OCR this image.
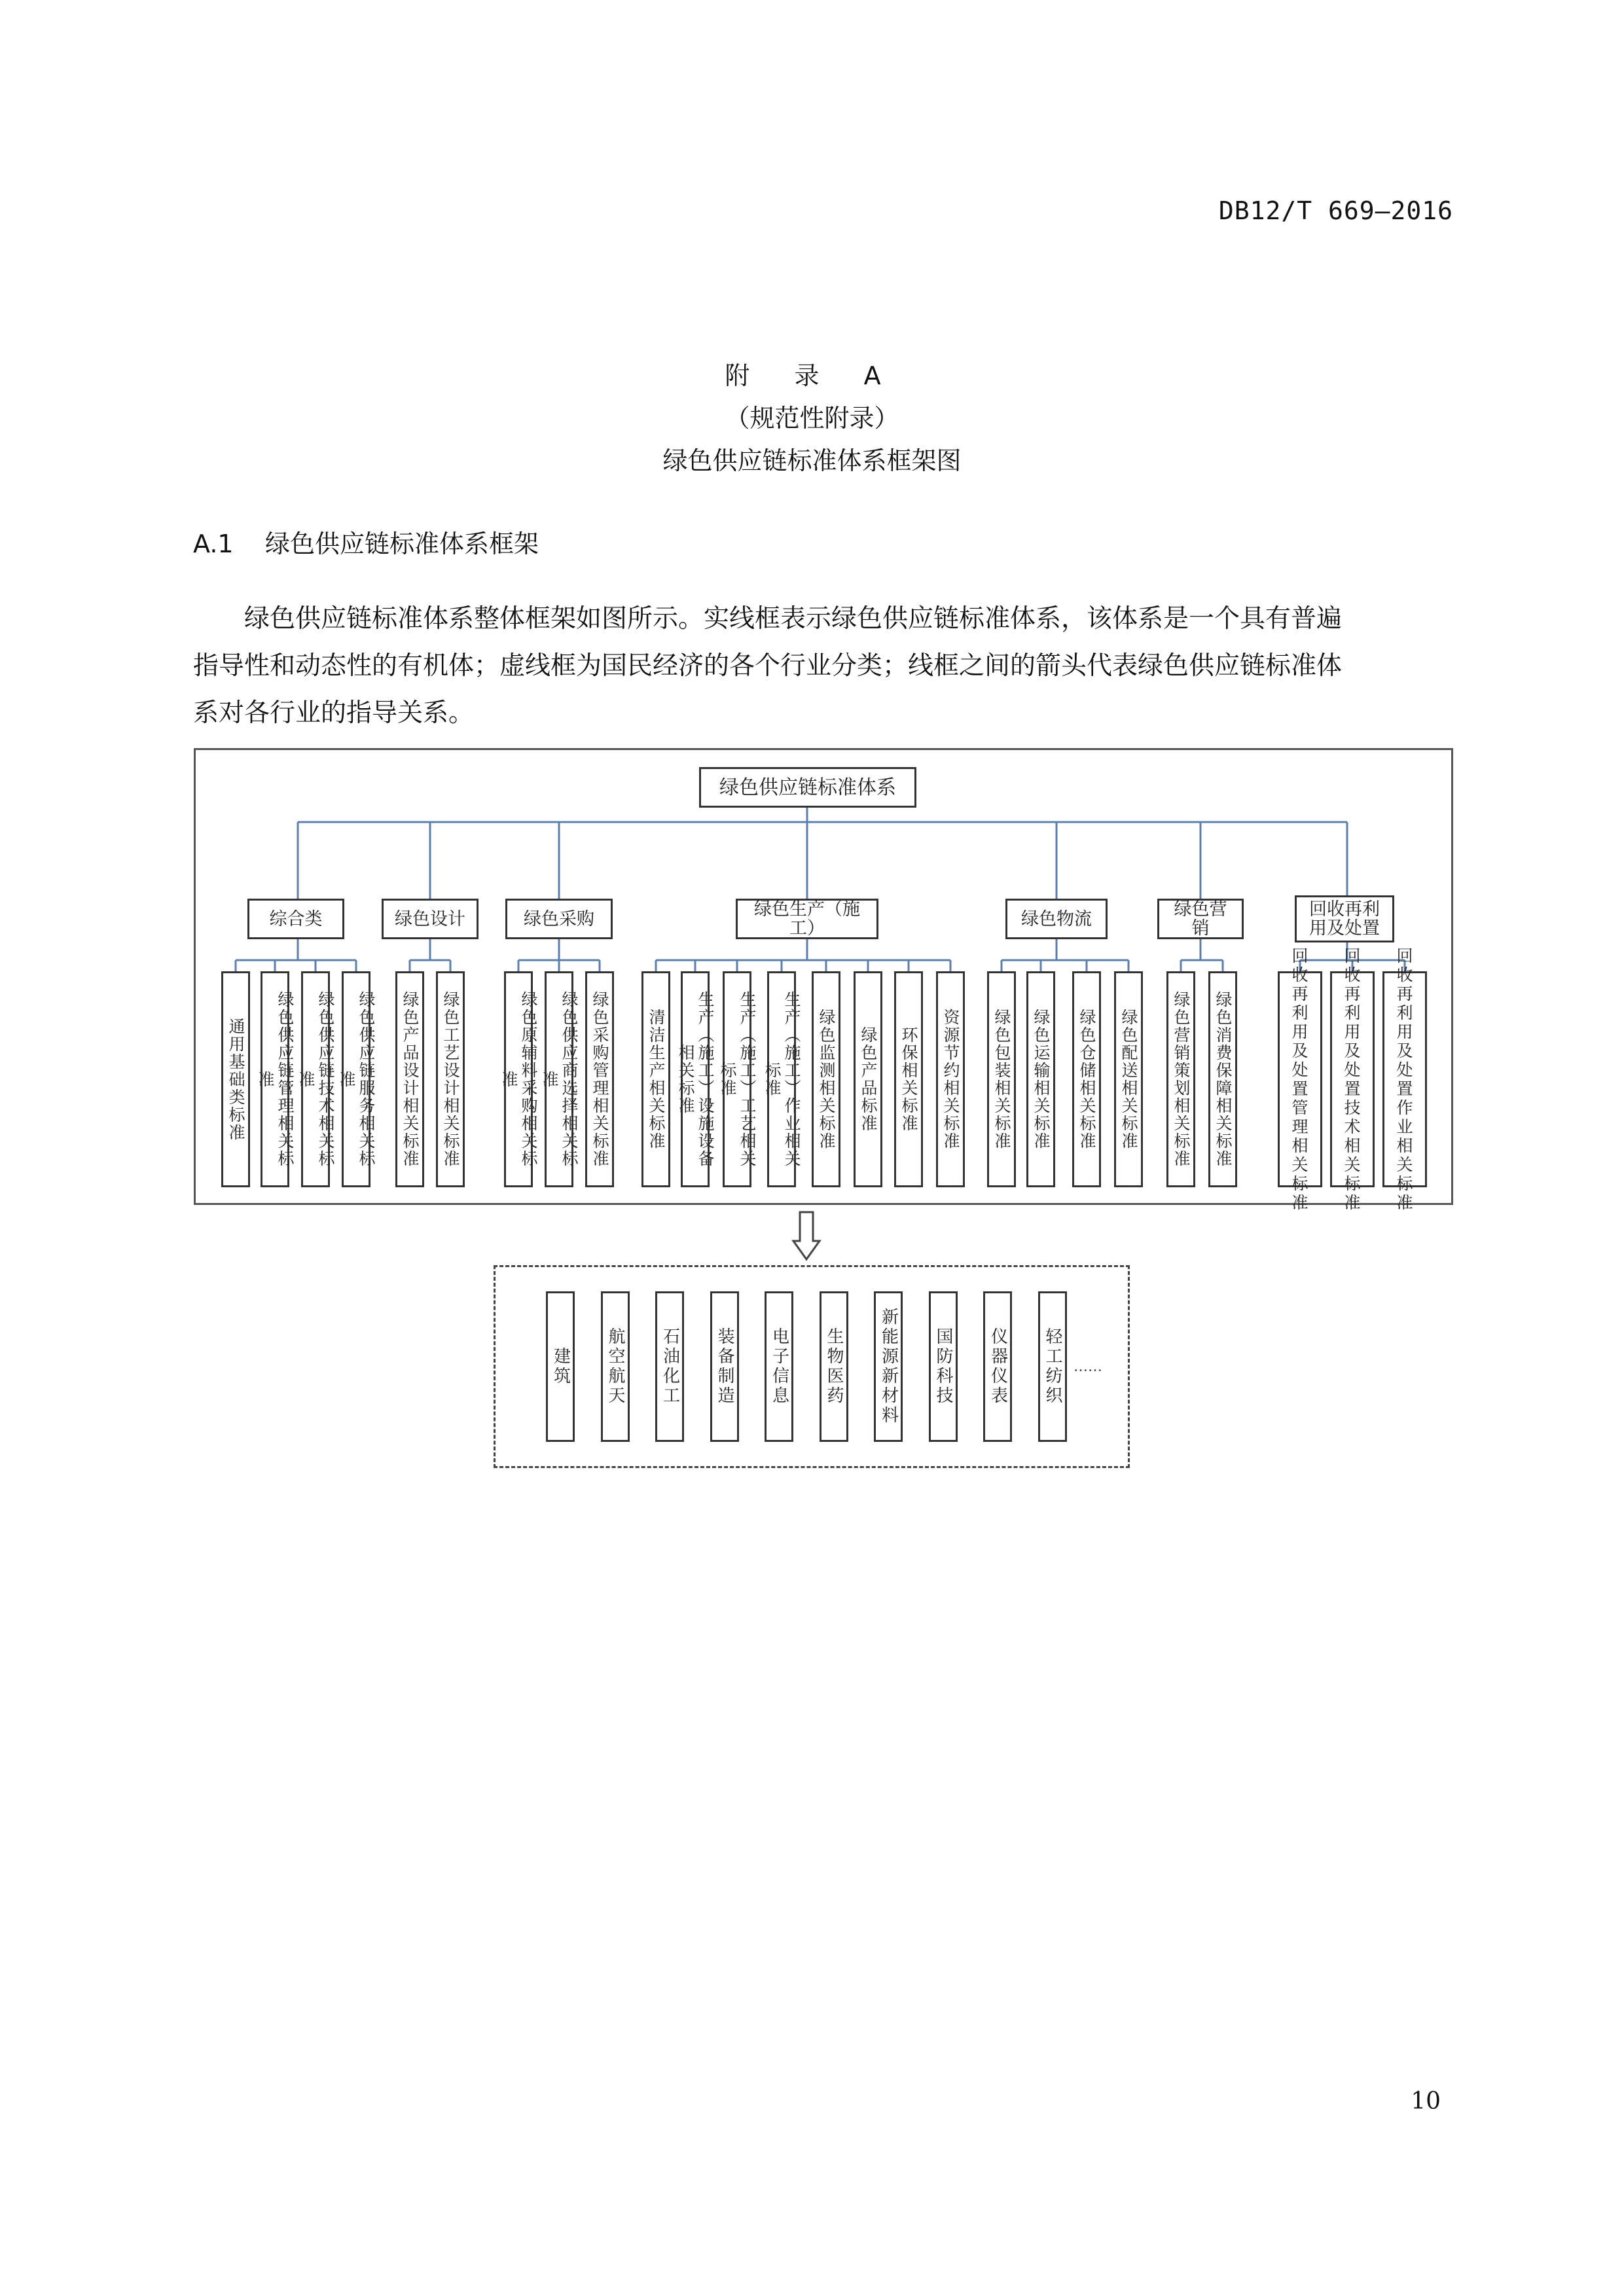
DB12/T 669—2016
附 录 A
（规范性附录）
绿色供应链标准体系框架图
A.1 绿色供应链标准体系框架
绿色供应链标准体系整体框架如图所示。实线框表示绿色供应链标准体系，该体系是一个具有普遍
指导性和动态性的有机体；虚线框为国民经济的各个行业分类；线框之间的箭头代表绿色供应链标准体
系对各行业的指导关系。
绿色供应链标准体系
综合类
通用基础类标准	绿色供应链管理相关标准	绿色供应链技术相关标准	绿色供应链服务相关标准
绿色设计
绿色产品设计相关标准	绿色工艺设计相关标准
绿色采购
绿色原辅料采购相关标准	绿色供应商选择相关标准	绿色采购管理相关标准
绿色生产（施工）
清洁生产相关标准	生产（施工）设施设备相关标准	生产（施工）工艺相关标准	生产（施工）作业相关标准	绿色监测相关标准	绿色产品标准	环保相关标准	资源节约相关标准
绿色物流
绿色包装相关标准	绿色运输相关标准	绿色仓储相关标准	绿色配送相关标准
绿色营销
绿色营销策划相关标准	绿色消费保障相关标准
回收再利用及处置
回收再利用及处置管理相关标准
回收再利用及处置技术相关标准
回收再利用及处置作业相关标准
建筑 航空航天 石油化工 装备制造 电子信息 生物医药 新能源新材料 国防科技 仪器仪表 轻工纺织 ……
10
